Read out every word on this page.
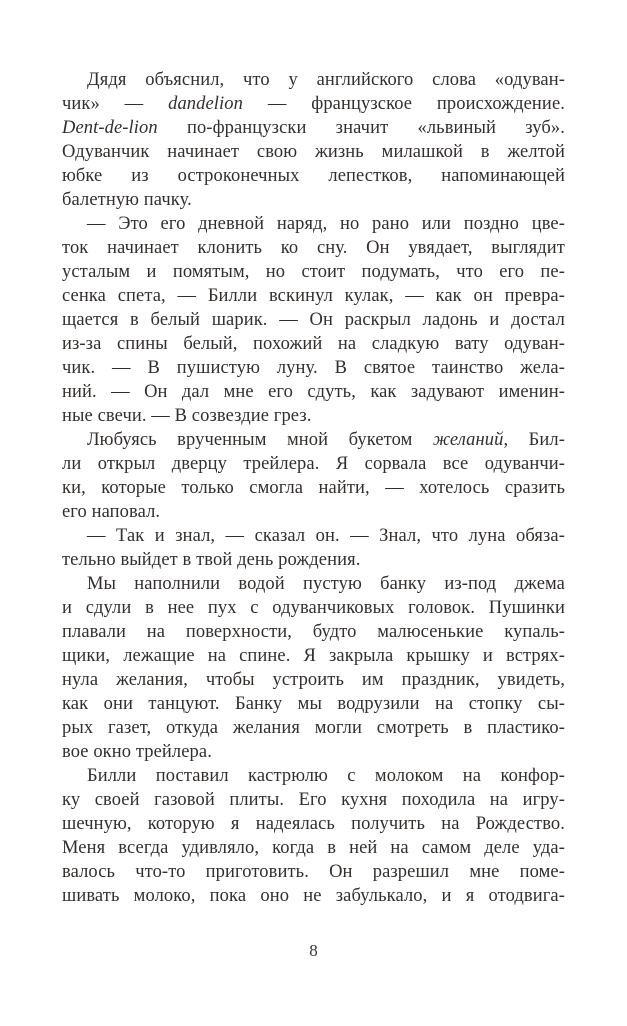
Дядя объяснил, что у английского слова «одуван-
чик» — dandelion — французское происхождение.
Dent-de-lion по-французски значит «львиный зуб».
Одуванчик начинает свою жизнь милашкой в желтой
юбке из остроконечных лепестков, напоминающей
балетную пачку.
— Это его дневной наряд, но рано или поздно цве-
ток начинает клонить ко сну. Он увядает, выглядит
усталым и помятым, но стоит подумать, что его пе-
сенка спета, — Билли вскинул кулак, — как он превра-
щается в белый шарик. — Он раскрыл ладонь и достал
из-за спины белый, похожий на сладкую вату одуван-
чик. — В пушистую луну. В святое таинство жела-
ний. — Он дал мне его сдуть, как задувают именин-
ные свечи. — В созвездие грез.
Любуясь врученным мной букетом желаний, Бил-
ли открыл дверцу трейлера. Я сорвала все одуванчи-
ки, которые только смогла найти, — хотелось сразить
его наповал.
— Так и знал, — сказал он. — Знал, что луна обяза-
тельно выйдет в твой день рождения.
Мы наполнили водой пустую банку из-под джема
и сдули в нее пух с одуванчиковых головок. Пушинки
плавали на поверхности, будто малюсенькие купаль-
щики, лежащие на спине. Я закрыла крышку и встрях-
нула желания, чтобы устроить им праздник, увидеть,
как они танцуют. Банку мы водрузили на стопку сы-
рых газет, откуда желания могли смотреть в пластико-
вое окно трейлера.
Билли поставил кастрюлю с молоком на конфор-
ку своей газовой плиты. Его кухня походила на игру-
шечную, которую я надеялась получить на Рождество.
Меня всегда удивляло, когда в ней на самом деле уда-
валось что-то приготовить. Он разрешил мне поме-
шивать молоко, пока оно не забулькало, и я отодвига-
8
